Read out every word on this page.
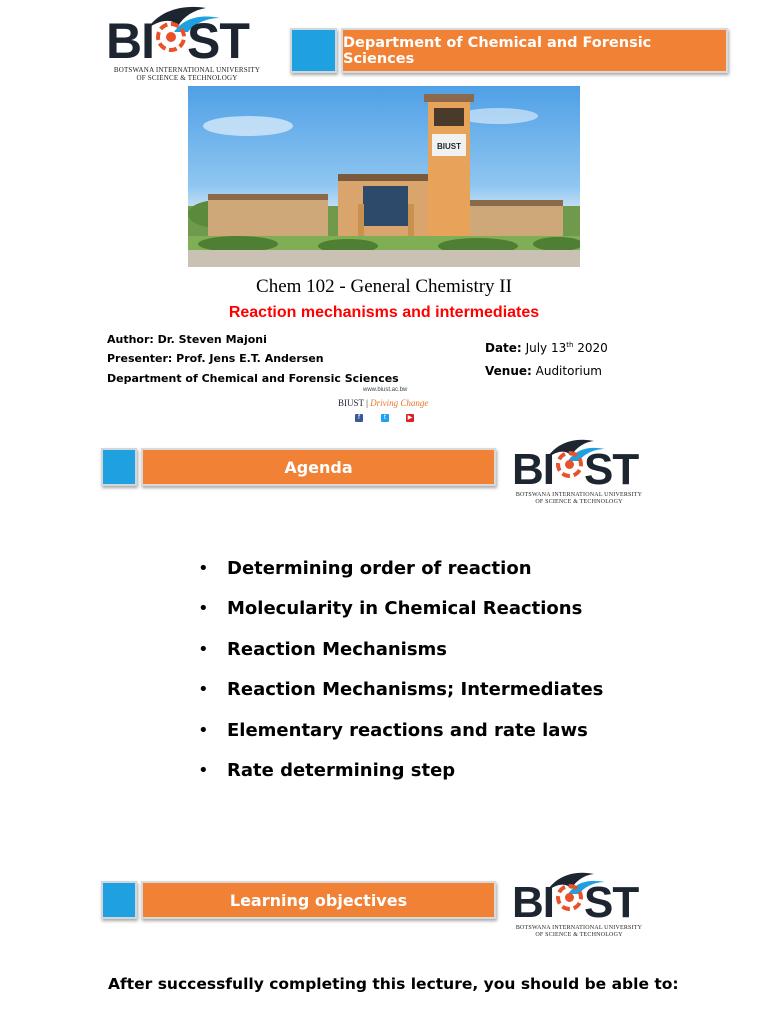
BI ST
BOTSWANA INTERNATIONAL UNIVERSITY
OF SCIENCE & TECHNOLOGY
Department of Chemical and Forensic Sciences
BIUST
Chem 102 - General Chemistry II
Reaction mechanisms and intermediates
Author: Dr. Steven Majoni
Presenter: Prof. Jens E.T. Andersen
Department of Chemical and Forensic Sciences
Date: July 13th 2020
Venue: Auditorium
www.biust.ac.bw
BIUST | Driving Change
f	t	▶
Agenda	BI ST
BOTSWANA INTERNATIONAL UNIVERSITY
OF SCIENCE & TECHNOLOGY
• Determining order of reaction
• Molecularity in Chemical Reactions
• Reaction Mechanisms
• Reaction Mechanisms; Intermediates
• Elementary reactions and rate laws
• Rate determining step
Learning objectives BI ST
BOTSWANA INTERNATIONAL UNIVERSITY
OF SCIENCE & TECHNOLOGY
After successfully completing this lecture, you should be able to:
